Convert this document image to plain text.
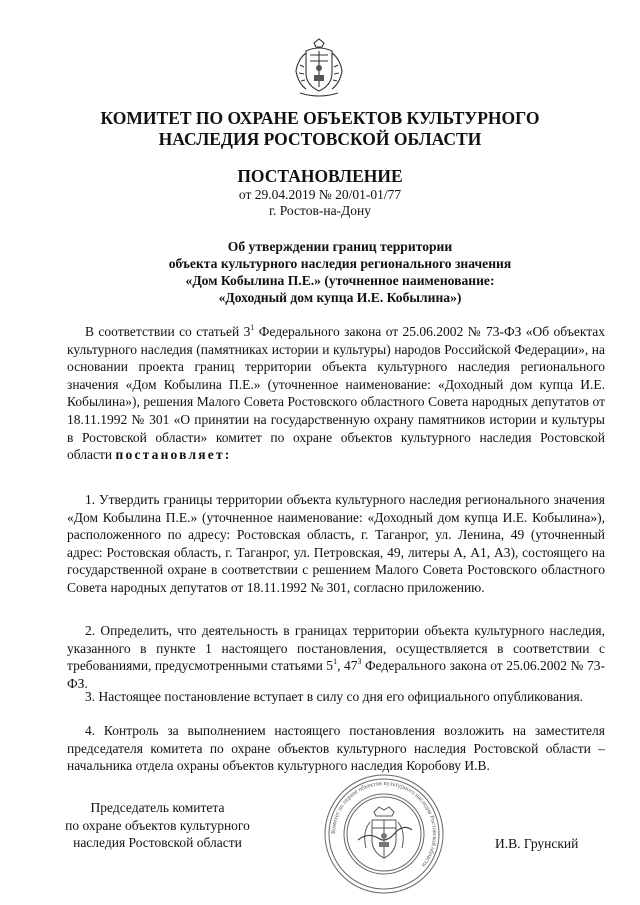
КОМИТЕТ ПО ОХРАНЕ ОБЪЕКТОВ КУЛЬТУРНОГО НАСЛЕДИЯ РОСТОВСКОЙ ОБЛАСТИ
ПОСТАНОВЛЕНИЕ
от 29.04.2019 № 20/01-01/77
г. Ростов-на-Дону
Об утверждении границ территории
объекта культурного наследия регионального значения
«Дом Кобылина П.Е.» (уточненное наименование:
«Доходный дом купца И.Е. Кобылина»)

В соответствии со статьей $3^1$ Федерального закона от 25.06.2002 № 73-ФЗ «Об объектах культурного наследия (памятниках истории и культуры) народов Российской Федерации», на основании проекта границ территории объекта культурного наследия регионального значения «Дом Кобылина П.Е.» (уточненное наименование: «Доходный дом купца И.Е. Кобылина»), решения Малого Совета Ростовского областного Совета народных депутатов от 18.11.1992 № 301 «О принятии на государственную охрану памятников истории и культуры в Ростовской области» комитет по охране объектов культурного наследия Ростовской области постановляет:

1. Утвердить границы территории объекта культурного наследия регионального значения «Дом Кобылина П.Е.» (уточненное наименование: «Доходный дом купца И.Е. Кобылина»), расположенного по адресу: Ростовская область, г. Таганрог, ул. Ленина, 49 (уточненный адрес: Ростовская область, г. Таганрог, ул. Петровская, 49, литеры А, А1, А3), состоящего на государственной охране в соответствии с решением Малого Совета Ростовского областного Совета народных депутатов от 18.11.1992 № 301, согласно приложению.

2. Определить, что деятельность в границах территории объекта культурного наследия, указанного в пункте 1 настоящего постановления, осуществляется в соответствии с требованиями, предусмотренными статьями $5^1$, $47^3$ Федерального закона от 25.06.2002 № 73-ФЗ.

3. Настоящее постановление вступает в силу со дня его официального опубликования.

4. Контроль за выполнением настоящего постановления возложить на заместителя председателя комитета по охране объектов культурного наследия Ростовской области – начальника отдела охраны объектов культурного наследия Коробову И.В.

Председатель комитета
по охране объектов культурного
наследия Ростовской области
Комитет по охране объектов культурного наследия Ростовской области
И.В. Грунский
